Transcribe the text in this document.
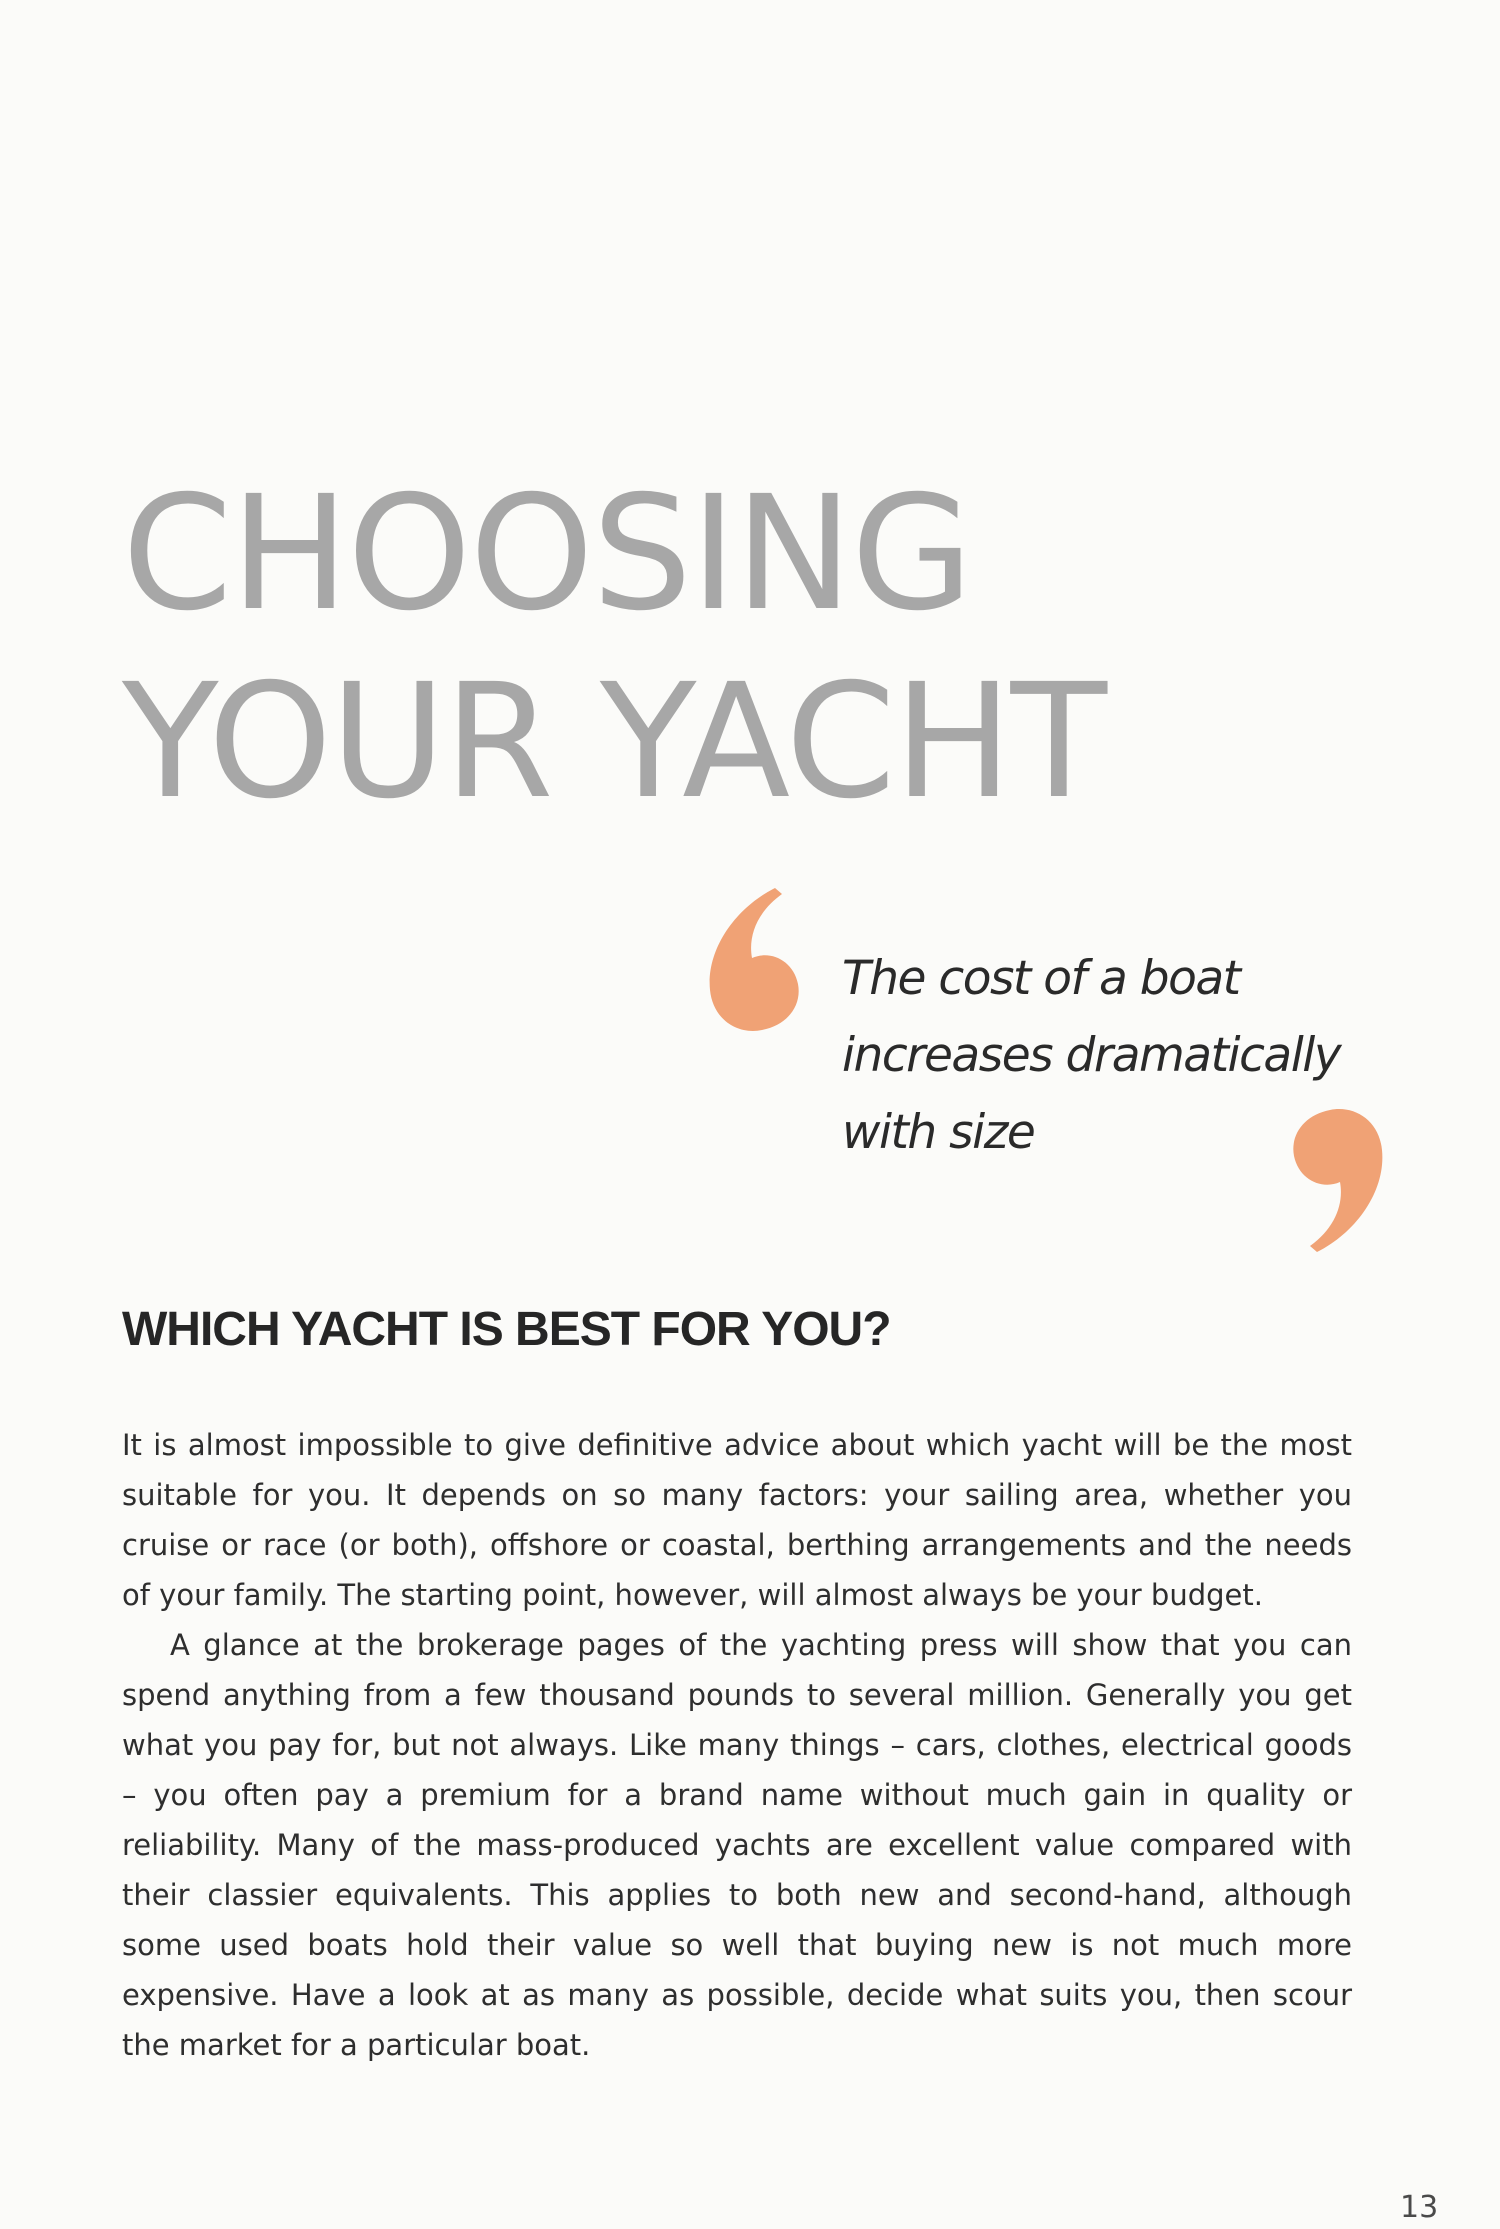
CHOOSING
YOUR YACHT
The cost of a boat
increases dramatically
with size
WHICH YACHT IS BEST FOR YOU?

It is almost impossible to give definitive advice about which yacht will be the most suitable for you. It depends on so many factors: your sailing area, whether you cruise or race (or both), offshore or coastal, berthing arrangements and the needs of your family. The starting point, however, will almost always be your budget.

A glance at the brokerage pages of the yachting press will show that you can spend anything from a few thousand pounds to several million. Generally you get what you pay for, but not always. Like many things – cars, clothes, electrical goods – you often pay a premium for a brand name without much gain in quality or reliability. Many of the mass-produced yachts are excellent value compared with their classier equivalents. This applies to both new and second-hand, although some used boats hold their value so well that buying new is not much more expensive. Have a look at as many as possible, decide what suits you, then scour the market for a particular boat.

13
